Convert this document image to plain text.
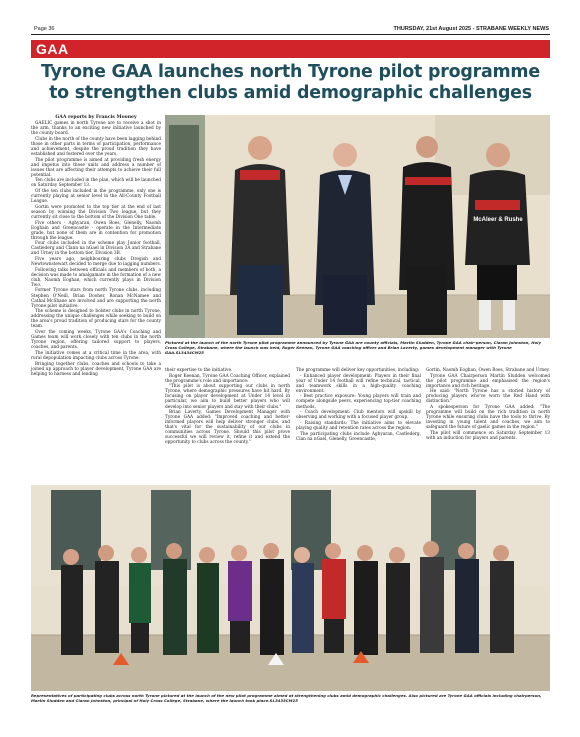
Page 36	THURSDAY, 21st August 2025 - STRABANE WEEKLY NEWS
GAA
Tyrone GAA launches north Tyrone pilot programme to strengthen clubs amid demographic challenges

GAA reports by Francis Mooney

GAELIC games in north Tyrone are to receive a shot in the arm, thanks to an exciting new initiative launched by the county board.

Clubs in the north of the county have been lagging behind those in other parts in terms of participation, performance and achievement, despite the proud tradition they have established and fostered over the years.

The pilot programme is aimed at providing fresh energy and impetus into those units and address a number of issues that are affecting their attempts to achieve their full potential.

Ten clubs are included in the plan, which will be launched on Saturday September 13.

Of the ten clubs included in the programme, only one is currently playing at senior level in the All-County Football League.

Gortin were promoted to the top tier at the end of last season by winning the Division Two league, but they currently sit close to the bottom of the Division One table.

Five others - Aghyaran, Owen Roes, Glenelly, Naomh Eoghain and Greencastle - operate in the Intermediate grade, but none of them are in contention for promotion through the league.

Four clubs included in the scheme play Junior football, Castlederg and Clann na nGael in Division 3A and Strabane and Urney in the bottom tier, Division 3B.

Five years ago, neighbouring clubs Dregish and Newtownstewart decided to merge due to lagging numbers.

Following talks between officials and members of both, a decision was made to amalgamate in the formation of a new club, Naomh Eoghan, which currently plays in Division Two.

Former Tyrone stars from north Tyrone clubs, including Stephen O'Neill, Brian Dooher, Ronan McNamee and Cathal McShane are involved and are supporting the north Tyrone pilot initiative.

The scheme is designed to bolster clubs in north Tyrone, addressing the unique challenges while seeking to build on the area's proud tradition of producing stars for the county team.

Over the coming weeks, Tyrone GAA's Coaching and Games team will work closely with ten clubs in the north Tyrone region, offering tailored support to players, coaches, and parents.

The initiative comes at a critical time in the area, with rural depopulation impacting clubs across Tyrone.

Bringing together clubs, coaches and schools to take a joined up approach to player development, Tyrone GAA are helping to harness and lending

McAleer & Rushe
Pictured at the launch of the north Tyrone pilot programme announced by Tyrone GAA are county officials, Martin Sludden, Tyrone GAA chair-person, Ciaran Johnston, Holy Cross College, Strabane, where the launch was held, Roger Keenan, Tyrone GAA coaching officer and Brian Laverty, games development manager with Tyrone GAA.SL3434CM25

their expertise to the initiative.

Roger Keenan, Tyrone GAA Coaching Officer, explained the programme's role and importance:

"This pilot is about supporting our clubs in north Tyrone, where demographic pressures have hit hard. By focusing on player development at Under 14 level in particular, we aim to build better players who will develop into senior players and stay with their clubs."

Brian Laverty, Games Development Manager with Tyrone GAA added: "Improved coaching and better-informed players will help deliver stronger clubs, and that's vital for the sustainability of our clubs in communities across Tyrone. Should this pilot prove successful we will review it, refine it and extend the opportunity to clubs across the county."

The programme will deliver key opportunities, including:

- Enhanced player development: Players in their final year of Under 14 football will refine technical, tactical, and teamwork skills in a high-quality coaching environment.

- Best practice exposure: Young players will train and compete alongside peers, experiencing top-tier coaching methods.

- Coach development: Club mentors will upskill by observing and working with a focused player group.

- Raising standards: The initiative aims to elevate playing quality and retention rates across the region.

The participating clubs include Aghyaran, Castlederg, Clan na nGael, Glenelly, Greencastle,

Gortin, Naomh Eoghan, Owen Roes, Strabane and Urney.

Tyrone GAA Chairperson Martin Sludden welcomed the pilot programme and emphasised the region's importance and rich heritage.

He said: "North Tyrone has a storied history of producing players who've worn the Red Hand with distinction."

A spokesperson for Tyrone GAA added: "The programme will build on the rich tradition in north Tyrone while ensuring clubs have the tools to thrive. By investing in young talent and coaches, we aim to safeguard the future of gaelic games in the region."

The pilot will commence on Saturday September 13 with an induction for players and parents.

Representatives of participating clubs across north Tyrone pictured at the launch of the new pilot programme aimed at strengthening clubs amid demographic challenges. Also pictured are Tyrone GAA officials including chairperson, Martin Sludden and Ciaran Johnston, principal of Holy Cross College, Strabane, where the launch took place.SL3435CM25
